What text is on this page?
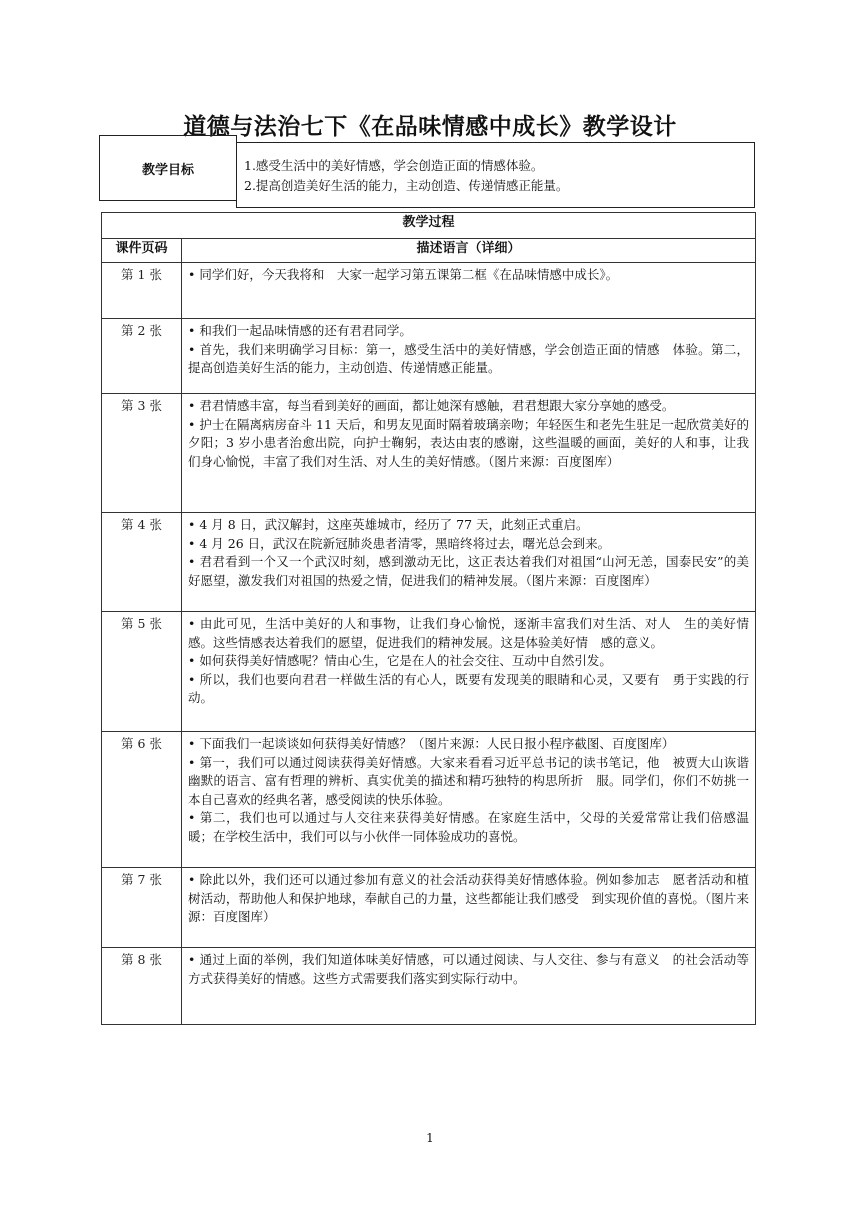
道德与法治七下《在品味情感中成长》教学设计
教学目标	1.感受生活中的美好情感，学会创造正面的情感体验。
2.提高创造美好生活的能力，主动创造、传递情感正能量。
教学过程	
课件页码	描述语言（详细）
第 1 张	• 同学们好，今天我将和　大家一起学习第五课第二框《在品味情感中成长》。

第 2 张	• 和我们一起品味情感的还有君君同学。

• 首先，我们来明确学习目标：第一，感受生活中的美好情感，学会创造正面的情感　体验。第二，提高创造美好生活的能力，主动创造、传递情感正能量。

第 3 张	• 君君情感丰富，每当看到美好的画面，都让她深有感触，君君想跟大家分享她的感受。

• 护士在隔离病房奋斗 11 天后，和男友见面时隔着玻璃亲吻；年轻医生和老先生驻足一起欣赏美好的夕阳；3 岁小患者治愈出院，向护士鞠躬，表达由衷的感谢，这些温暖的画面，美好的人和事，让我们身心愉悦，丰富了我们对生活、对人生的美好情感。（图片来源：百度图库）

第 4 张	• 4 月 8 日，武汉解封，这座英雄城市，经历了 77 天，此刻正式重启。

• 4 月 26 日，武汉在院新冠肺炎患者清零，黑暗终将过去，曙光总会到来。

• 君君看到一个又一个武汉时刻，感到激动无比，这正表达着我们对祖国“山河无恙，国泰民安”的美好愿望，激发我们对祖国的热爱之情，促进我们的精神发展。（图片来源：百度图库）

第 5 张	• 由此可见，生活中美好的人和事物，让我们身心愉悦，逐渐丰富我们对生活、对人　生的美好情感。这些情感表达着我们的愿望，促进我们的精神发展。这是体验美好情　感的意义。

• 如何获得美好情感呢？情由心生，它是在人的社会交往、互动中自然引发。

• 所以，我们也要向君君一样做生活的有心人，既要有发现美的眼睛和心灵，又要有　勇于实践的行动。

第 6 张	• 下面我们一起谈谈如何获得美好情感？（图片来源：人民日报小程序截图、百度图库）

• 第一，我们可以通过阅读获得美好情感。大家来看看习近平总书记的读书笔记，他　被贾大山诙谐幽默的语言、富有哲理的辨析、真实优美的描述和精巧独特的构思所折　服。同学们，你们不妨挑一本自己喜欢的经典名著，感受阅读的快乐体验。

• 第二，我们也可以通过与人交往来获得美好情感。在家庭生活中，父母的关爱常常让我们倍感温暖；在学校生活中，我们可以与小伙伴一同体验成功的喜悦。

第 7 张	• 除此以外，我们还可以通过参加有意义的社会活动获得美好情感体验。例如参加志　愿者活动和植树活动，帮助他人和保护地球，奉献自己的力量，这些都能让我们感受　到实现价值的喜悦。（图片来源：百度图库）

第 8 张	• 通过上面的举例，我们知道体味美好情感，可以通过阅读、与人交往、参与有意义　的社会活动等方式获得美好的情感。这些方式需要我们落实到实际行动中。

1
